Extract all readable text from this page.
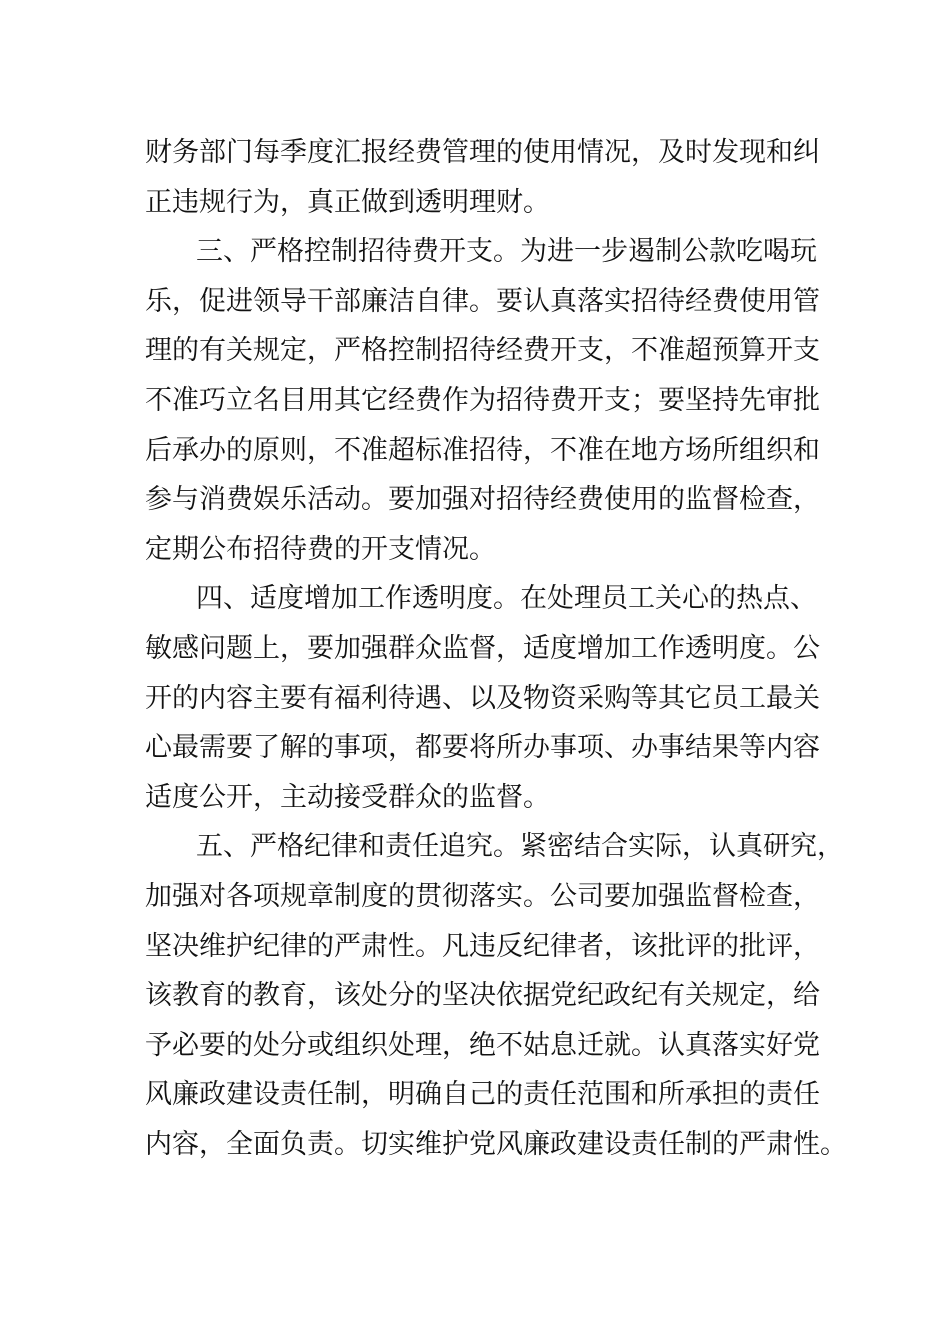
财务部门每季度汇报经费管理的使用情况，及时发现和纠
正违规行为，真正做到透明理财。
三、严格控制招待费开支。为进一步遏制公款吃喝玩
乐，促进领导干部廉洁自律。要认真落实招待经费使用管
理的有关规定，严格控制招待经费开支，不准超预算开支
不准巧立名目用其它经费作为招待费开支；要坚持先审批
后承办的原则，不准超标准招待，不准在地方场所组织和
参与消费娱乐活动。要加强对招待经费使用的监督检查，
定期公布招待费的开支情况。
四、适度增加工作透明度。在处理员工关心的热点、
敏感问题上，要加强群众监督，适度增加工作透明度。公
开的内容主要有福利待遇、以及物资采购等其它员工最关
心最需要了解的事项，都要将所办事项、办事结果等内容
适度公开，主动接受群众的监督。
五、严格纪律和责任追究。紧密结合实际，认真研究，
加强对各项规章制度的贯彻落实。公司要加强监督检查，
坚决维护纪律的严肃性。凡违反纪律者，该批评的批评，
该教育的教育，该处分的坚决依据党纪政纪有关规定，给
予必要的处分或组织处理，绝不姑息迁就。认真落实好党
风廉政建设责任制，明确自己的责任范围和所承担的责任
内容，全面负责。切实维护党风廉政建设责任制的严肃性。
